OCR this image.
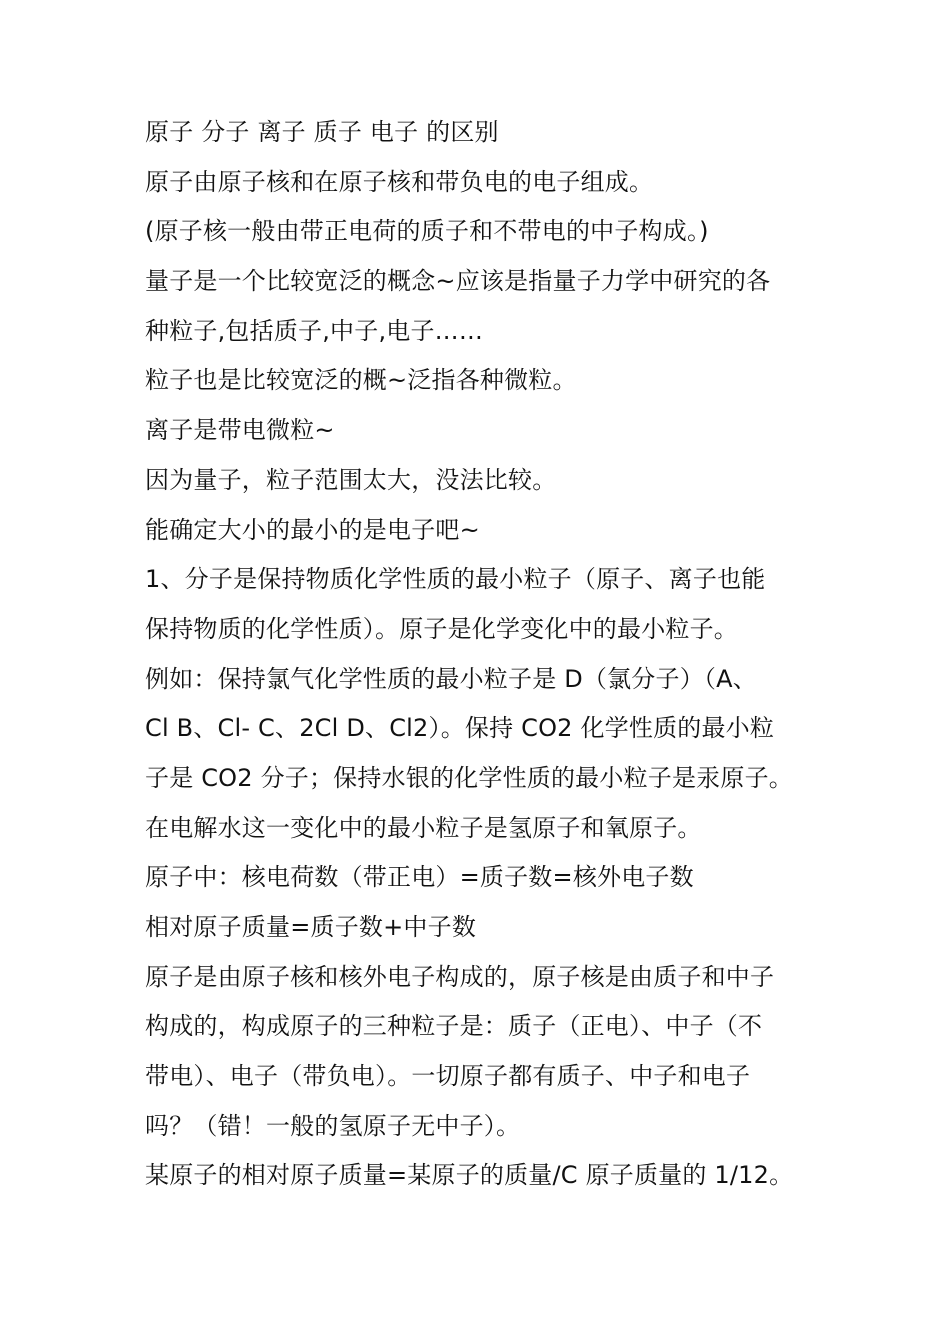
原子 分子 离子 质子 电子 的区别
原子由原子核和在原子核和带负电的电子组成。
(原子核一般由带正电荷的质子和不带电的中子构成。)
量子是一个比较宽泛的概念~应该是指量子力学中研究的各
种粒子,包括质子,中子,电子……
粒子也是比较宽泛的概~泛指各种微粒。
离子是带电微粒~
因为量子，粒子范围太大，没法比较。
能确定大小的最小的是电子吧~
1、分子是保持物质化学性质的最小粒子（原子、离子也能
保持物质的化学性质）。原子是化学变化中的最小粒子。
例如：保持氯气化学性质的最小粒子是 D（氯分子）（A、
Cl B、Cl- C、2Cl D、Cl2）。保持 CO2 化学性质的最小粒
子是 CO2 分子；保持水银的化学性质的最小粒子是汞原子。
在电解水这一变化中的最小粒子是氢原子和氧原子。
原子中：核电荷数（带正电）=质子数=核外电子数
相对原子质量=质子数+中子数
原子是由原子核和核外电子构成的，原子核是由质子和中子
构成的，构成原子的三种粒子是：质子（正电）、中子（不
带电）、电子（带负电）。一切原子都有质子、中子和电子
吗？（错！一般的氢原子无中子）。
某原子的相对原子质量=某原子的质量/C 原子质量的 1/12。
